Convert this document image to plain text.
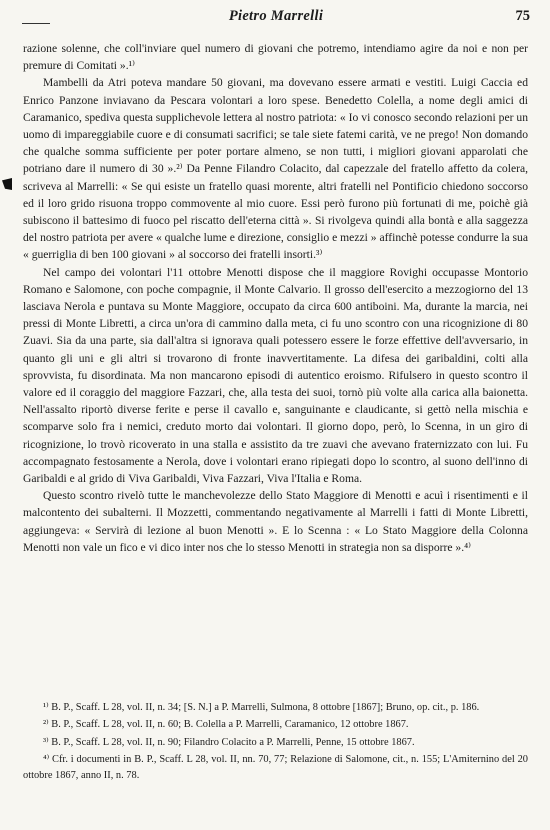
Pietro Marrelli	75

razione solenne, che coll'inviare quel numero di giovani che potremo, intendiamo agire da noi e non per premure di Comitati ».¹⁾

Mambelli da Atri poteva mandare 50 giovani, ma dovevano essere armati e vestiti. Luigi Caccia ed Enrico Panzone inviavano da Pescara volontari a loro spese. Benedetto Colella, a nome degli amici di Caramanico, spediva questa supplichevole lettera al nostro patriota: « Io vi conosco secondo relazioni per un uomo di impareggiabile cuore e di consumati sacrifici; se tale siete fatemi carità, ve ne prego! Non domando che qualche somma sufficiente per poter portare almeno, se non tutti, i migliori giovani apparolati che potriano dare il numero di 30 ».²⁾ Da Penne Filandro Colacito, dal capezzale del fratello affetto da colera, scriveva al Marrelli: « Se qui esiste un fratello quasi morente, altri fratelli nel Pontificio chiedono soccorso ed il loro grido risuona troppo commovente al mio cuore. Essi però furono più fortunati di me, poichè già subiscono il battesimo di fuoco pel riscatto dell'eterna città ». Si rivolgeva quindi alla bontà e alla saggezza del nostro patriota per avere « qualche lume e direzione, consiglio e mezzi » affinchè potesse condurre la sua « guerriglia di ben 100 giovani » al soccorso dei fratelli insorti.³⁾

Nel campo dei volontari l'11 ottobre Menotti dispose che il maggiore Rovighi occupasse Montorio Romano e Salomone, con poche compagnie, il Monte Calvario. Il grosso dell'esercito a mezzogiorno del 13 lasciava Nerola e puntava su Monte Maggiore, occupato da circa 600 antiboini. Ma, durante la marcia, nei pressi di Monte Libretti, a circa un'ora di cammino dalla meta, ci fu uno scontro con una ricognizione di 80 Zuavi. Sia da una parte, sia dall'altra si ignorava quali potessero essere le forze effettive dell'avversario, in quanto gli uni e gli altri si trovarono di fronte inavvertitamente. La difesa dei garibaldini, colti alla sprovvista, fu disordinata. Ma non mancarono episodi di autentico eroismo. Rifulsero in questo scontro il valore ed il coraggio del maggiore Fazzari, che, alla testa dei suoi, tornò più volte alla carica alla baionetta. Nell'assalto riportò diverse ferite e perse il cavallo e, sanguinante e claudicante, si gettò nella mischia e scomparve solo fra i nemici, creduto morto dai volontari. Il giorno dopo, però, lo Scenna, in un giro di ricognizione, lo trovò ricoverato in una stalla e assistito da tre zuavi che avevano fraternizzato con lui. Fu accompagnato festosamente a Nerola, dove i volontari erano ripiegati dopo lo scontro, al suono dell'inno di Garibaldi e al grido di Viva Garibaldi, Viva Fazzari, Viva l'Italia e Roma.

Questo scontro rivelò tutte le manchevolezze dello Stato Maggiore di Menotti e acuì i risentimenti e il malcontento dei subalterni. Il Mozzetti, commentando negativamente al Marrelli i fatti di Monte Libretti, aggiungeva: « Servirà di lezione al buon Menotti ». E lo Scenna : « Lo Stato Maggiore della Colonna Menotti non vale un fico e vi dico inter nos che lo stesso Menotti in strategia non sa disporre ».⁴⁾

¹⁾ B. P., Scaff. L 28, vol. II, n. 34; [S. N.] a P. Marrelli, Sulmona, 8 ottobre [1867]; Bruno, op. cit., p. 186.

²⁾ B. P., Scaff. L 28, vol. II, n. 60; B. Colella a P. Marrelli, Caramanico, 12 ottobre 1867.

³⁾ B. P., Scaff. L 28, vol. II, n. 90; Filandro Colacito a P. Marrelli, Penne, 15 ottobre 1867.

⁴⁾ Cfr. i documenti in B. P., Scaff. L 28, vol. II, nn. 70, 77; Relazione di Salomone, cit., n. 155; L'Amiternino del 20 ottobre 1867, anno II, n. 78.
